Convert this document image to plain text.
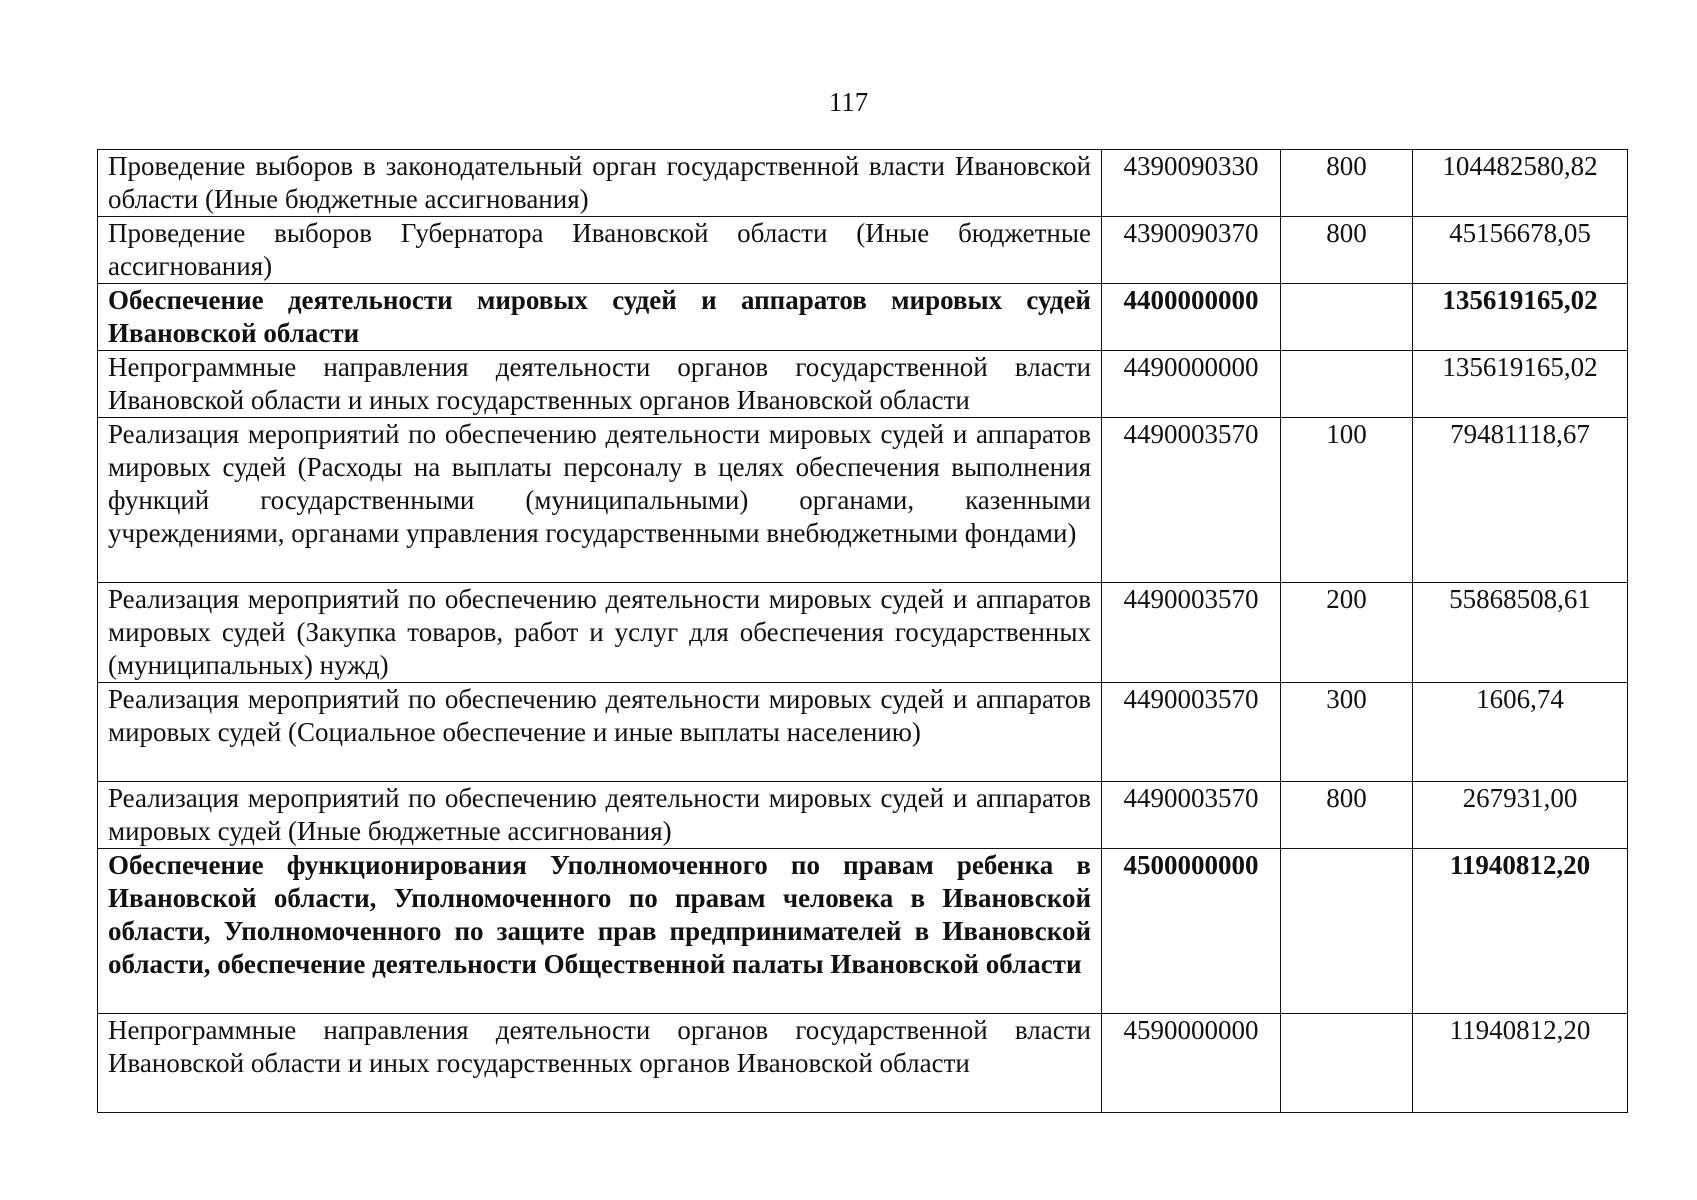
117
Проведение выборов в законодательный орган государственной власти Ивановской области (Иные бюджетные ассигнования)	4390090330	800	104482580,82
Проведение выборов Губернатора Ивановской области (Иные бюджетные ассигнования)	4390090370	800	45156678,05
Обеспечение деятельности мировых судей и аппаратов мировых судей Ивановской области	4400000000		135619165,02
Непрограммные направления деятельности органов государственной власти Ивановской области и иных государственных органов Ивановской области	4490000000		135619165,02
Реализация мероприятий по обеспечению деятельности мировых судей и аппаратов мировых судей (Расходы на выплаты персоналу в целях обеспечения выполнения функций государственными (муниципальными) органами, казенными учреждениями, органами управления государственными внебюджетными фондами)	4490003570	100	79481118,67
Реализация мероприятий по обеспечению деятельности мировых судей и аппаратов мировых судей (Закупка товаров, работ и услуг для обеспечения государственных (муниципальных) нужд)	4490003570	200	55868508,61
Реализация мероприятий по обеспечению деятельности мировых судей и аппаратов мировых судей (Социальное обеспечение и иные выплаты населению)	4490003570	300	1606,74
Реализация мероприятий по обеспечению деятельности мировых судей и аппаратов мировых судей (Иные бюджетные ассигнования)	4490003570	800	267931,00
Обеспечение функционирования Уполномоченного по правам ребенка в Ивановской области, Уполномоченного по правам человека в Ивановской области, Уполномоченного по защите прав предпринимателей в Ивановской области, обеспечение деятельности Общественной палаты Ивановской области	4500000000		11940812,20
Непрограммные направления деятельности органов государственной власти Ивановской области и иных государственных органов Ивановской области	4590000000		11940812,20
